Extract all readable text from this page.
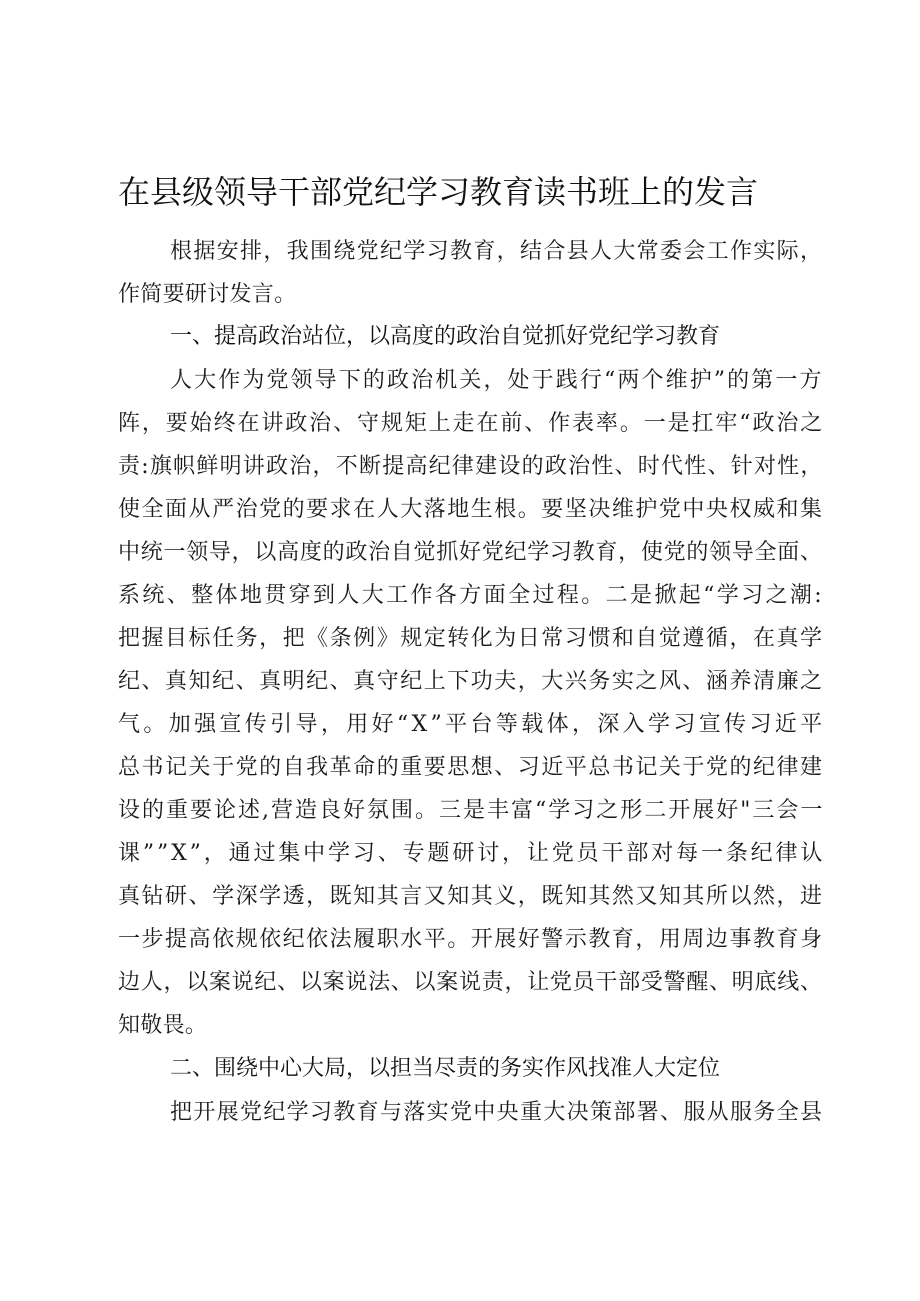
在县级领导干部党纪学习教育读书班上的发言
根据安排，我围绕党纪学习教育，结合县人大常委会工作实际，
作简要研讨发言。
一、提高政治站位，以高度的政治自觉抓好党纪学习教育
人大作为党领导下的政治机关，处于践行“两个维护”的第一方
阵，要始终在讲政治、守规矩上走在前、作表率。一是扛牢“政治之
责:旗帜鲜明讲政治，不断提高纪律建设的政治性、时代性、针对性，
使全面从严治党的要求在人大落地生根。要坚决维护党中央权威和集
中统一领导，以高度的政治自觉抓好党纪学习教育，使党的领导全面、
系统、整体地贯穿到人大工作各方面全过程。二是掀起“学习之潮:
把握目标任务，把《条例》规定转化为日常习惯和自觉遵循，在真学
纪、真知纪、真明纪、真守纪上下功夫，大兴务实之风、涵养清廉之
气。加强宣传引导，用好“X”平台等载体，深入学习宣传习近平
总书记关于党的自我革命的重要思想、习近平总书记关于党的纪律建
设的重要论述,营造良好氛围。三是丰富“学习之形二开展好"三会一
课””X”，通过集中学习、专题研讨，让党员干部对每一条纪律认
真钻研、学深学透，既知其言又知其义，既知其然又知其所以然，进
一步提高依规依纪依法履职水平。开展好警示教育，用周边事教育身
边人，以案说纪、以案说法、以案说责，让党员干部受警醒、明底线、
知敬畏。
二、围绕中心大局，以担当尽责的务实作风找准人大定位
把开展党纪学习教育与落实党中央重大决策部署、服从服务全县
